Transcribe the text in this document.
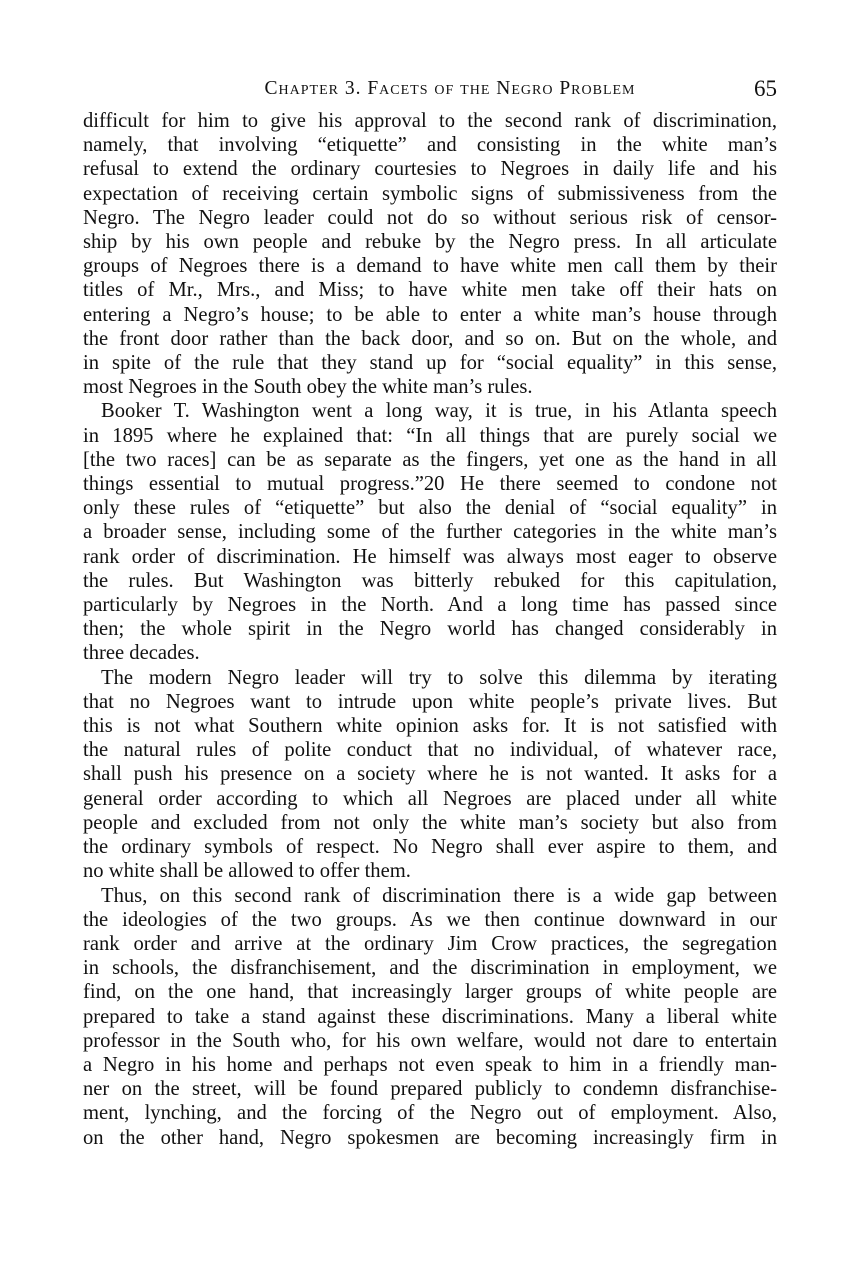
Chapter 3. Facets of the Negro Problem	65

difficult for him to give his approval to the second rank of discrimination,
namely, that involving “etiquette” and consisting in the white man’s
refusal to extend the ordinary courtesies to Negroes in daily life and his
expectation of receiving certain symbolic signs of submissiveness from the
Negro. The Negro leader could not do so without serious risk of censor-
ship by his own people and rebuke by the Negro press. In all articulate
groups of Negroes there is a demand to have white men call them by their
titles of Mr., Mrs., and Miss; to have white men take off their hats on
entering a Negro’s house; to be able to enter a white man’s house through
the front door rather than the back door, and so on. But on the whole, and
in spite of the rule that they stand up for “social equality” in this sense,
most Negroes in the South obey the white man’s rules.

Booker T. Washington went a long way, it is true, in his Atlanta speech
in 1895 where he explained that: “In all things that are purely social we
[the two races] can be as separate as the fingers, yet one as the hand in all
things essential to mutual progress.”20 He there seemed to condone not
only these rules of “etiquette” but also the denial of “social equality” in
a broader sense, including some of the further categories in the white man’s
rank order of discrimination. He himself was always most eager to observe
the rules. But Washington was bitterly rebuked for this capitulation,
particularly by Negroes in the North. And a long time has passed since
then; the whole spirit in the Negro world has changed considerably in
three decades.

The modern Negro leader will try to solve this dilemma by iterating
that no Negroes want to intrude upon white people’s private lives. But
this is not what Southern white opinion asks for. It is not satisfied with
the natural rules of polite conduct that no individual, of whatever race,
shall push his presence on a society where he is not wanted. It asks for a
general order according to which all Negroes are placed under all white
people and excluded from not only the white man’s society but also from
the ordinary symbols of respect. No Negro shall ever aspire to them, and
no white shall be allowed to offer them.

Thus, on this second rank of discrimination there is a wide gap between
the ideologies of the two groups. As we then continue downward in our
rank order and arrive at the ordinary Jim Crow practices, the segregation
in schools, the disfranchisement, and the discrimination in employment, we
find, on the one hand, that increasingly larger groups of white people are
prepared to take a stand against these discriminations. Many a liberal white
professor in the South who, for his own welfare, would not dare to entertain
a Negro in his home and perhaps not even speak to him in a friendly man-
ner on the street, will be found prepared publicly to condemn disfranchise-
ment, lynching, and the forcing of the Negro out of employment. Also,
on the other hand, Negro spokesmen are becoming increasingly firm in
